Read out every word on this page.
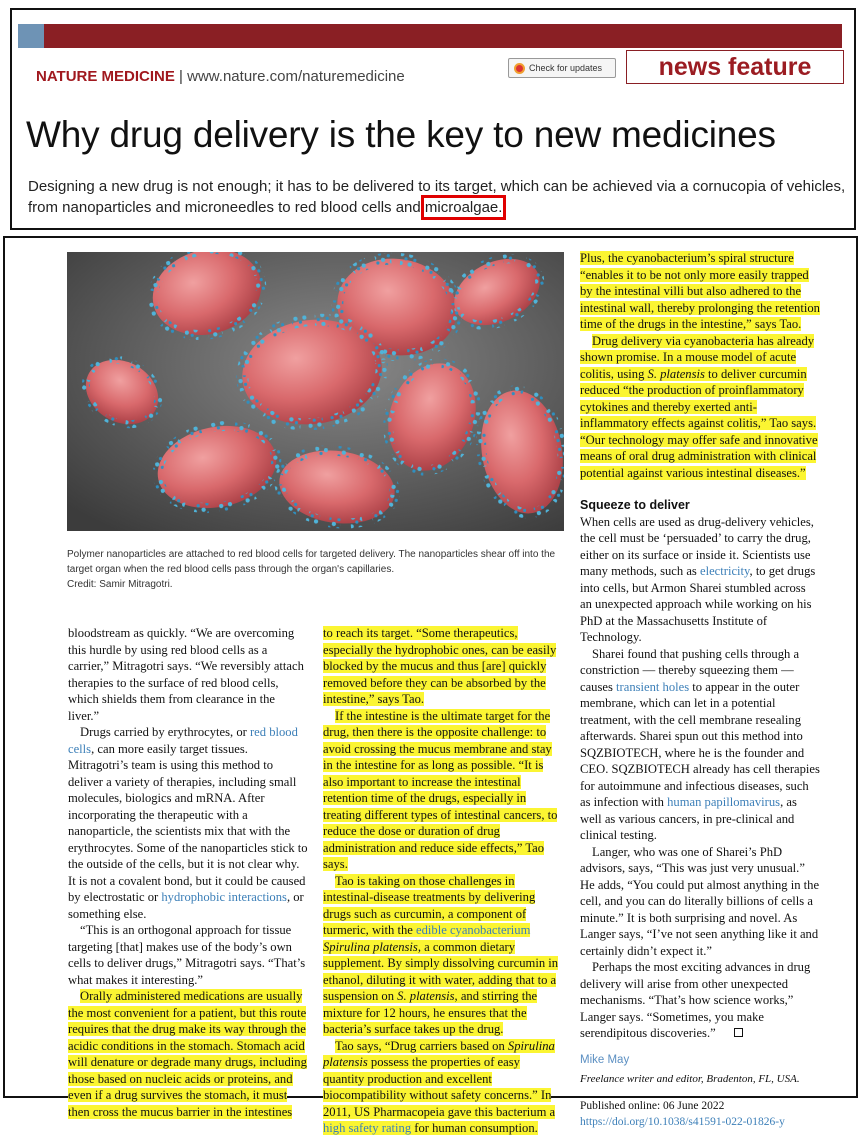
NATURE MEDICINE | www.nature.com/naturemedicine	Check for updates	news feature
Why drug delivery is the key to new medicines
Designing a new drug is not enough; it has to be delivered to its target, which can be achieved via a cornucopia of vehicles, from nanoparticles and microneedles to red blood cells and microalgae.
Polymer nanoparticles are attached to red blood cells for targeted delivery. The nanoparticles shear off into the target organ when the red blood cells pass through the organ's capillaries.
Credit: Samir Mitragotri.

bloodstream as quickly. “We are overcoming this hurdle by using red blood cells as a carrier,” Mitragotri says. “We reversibly attach therapies to the surface of red blood cells, which shields them from clearance in the liver.”

Drugs carried by erythrocytes, or red blood cells, can more easily target tissues. Mitragotri’s team is using this method to deliver a variety of therapies, including small molecules, biologics and mRNA. After incorporating the therapeutic with a nanoparticle, the scientists mix that with the erythrocytes. Some of the nanoparticles stick to the outside of the cells, but it is not clear why. It is not a covalent bond, but it could be caused by electrostatic or hydrophobic interactions, or something else.

“This is an orthogonal approach for tissue targeting [that] makes use of the body’s own cells to deliver drugs,” Mitragotri says. “That’s what makes it interesting.”

Orally administered medications are usually the most convenient for a patient, but this route requires that the drug make its way through the acidic conditions in the stomach. Stomach acid will denature or degrade many drugs, including those based on nucleic acids or proteins, and even if a drug survives the stomach, it must then cross the mucus barrier in the intestines

to reach its target. “Some therapeutics, especially the hydrophobic ones, can be easily blocked by the mucus and thus [are] quickly removed before they can be absorbed by the intestine,” says Tao.

If the intestine is the ultimate target for the drug, then there is the opposite challenge: to avoid crossing the mucus membrane and stay in the intestine for as long as possible. “It is also important to increase the intestinal retention time of the drugs, especially in treating different types of intestinal cancers, to reduce the dose or duration of drug administration and reduce side effects,” Tao says.

Tao is taking on those challenges in intestinal-disease treatments by delivering drugs such as curcumin, a component of turmeric, with the edible cyanobacterium Spirulina platensis, a common dietary supplement. By simply dissolving curcumin in ethanol, diluting it with water, adding that to a suspension on S. platensis, and stirring the mixture for 12 hours, he ensures that the bacteria’s surface takes up the drug.

Tao says, “Drug carriers based on Spirulina platensis possess the properties of easy quantity production and excellent biocompatibility without safety concerns.” In 2011, US Pharmacopeia gave this bacterium a high safety rating for human consumption.

Plus, the cyanobacterium’s spiral structure “enables it to be not only more easily trapped by the intestinal villi but also adhered to the intestinal wall, thereby prolonging the retention time of the drugs in the intestine,” says Tao.

Drug delivery via cyanobacteria has already shown promise. In a mouse model of acute colitis, using S. platensis to deliver curcumin reduced “the production of proinflammatory cytokines and thereby exerted anti-inflammatory effects against colitis,” Tao says. “Our technology may offer safe and innovative means of oral drug administration with clinical potential against various intestinal diseases.”

Squeeze to deliver

When cells are used as drug-delivery vehicles, the cell must be ‘persuaded’ to carry the drug, either on its surface or inside it. Scientists use many methods, such as electricity, to get drugs into cells, but Armon Sharei stumbled across an unexpected approach while working on his PhD at the Massachusetts Institute of Technology.

Sharei found that pushing cells through a constriction — thereby squeezing them — causes transient holes to appear in the outer membrane, which can let in a potential treatment, with the cell membrane resealing afterwards. Sharei spun out this method into SQZBIOTECH, where he is the founder and CEO. SQZBIOTECH already has cell therapies for autoimmune and infectious diseases, such as infection with human papillomavirus, as well as various cancers, in pre-clinical and clinical testing.

Langer, who was one of Sharei’s PhD advisors, says, “This was just very unusual.” He adds, “You could put almost anything in the cell, and you can do literally billions of cells a minute.” It is both surprising and novel. As Langer says, “I’ve not seen anything like it and certainly didn’t expect it.”

Perhaps the most exciting advances in drug delivery will arise from other unexpected mechanisms. “That’s how science works,” Langer says. “Sometimes, you make serendipitous discoveries.”

Mike May

Freelance writer and editor, Bradenton, FL, USA.

Published online: 06 June 2022

https://doi.org/10.1038/s41591-022-01826-y
